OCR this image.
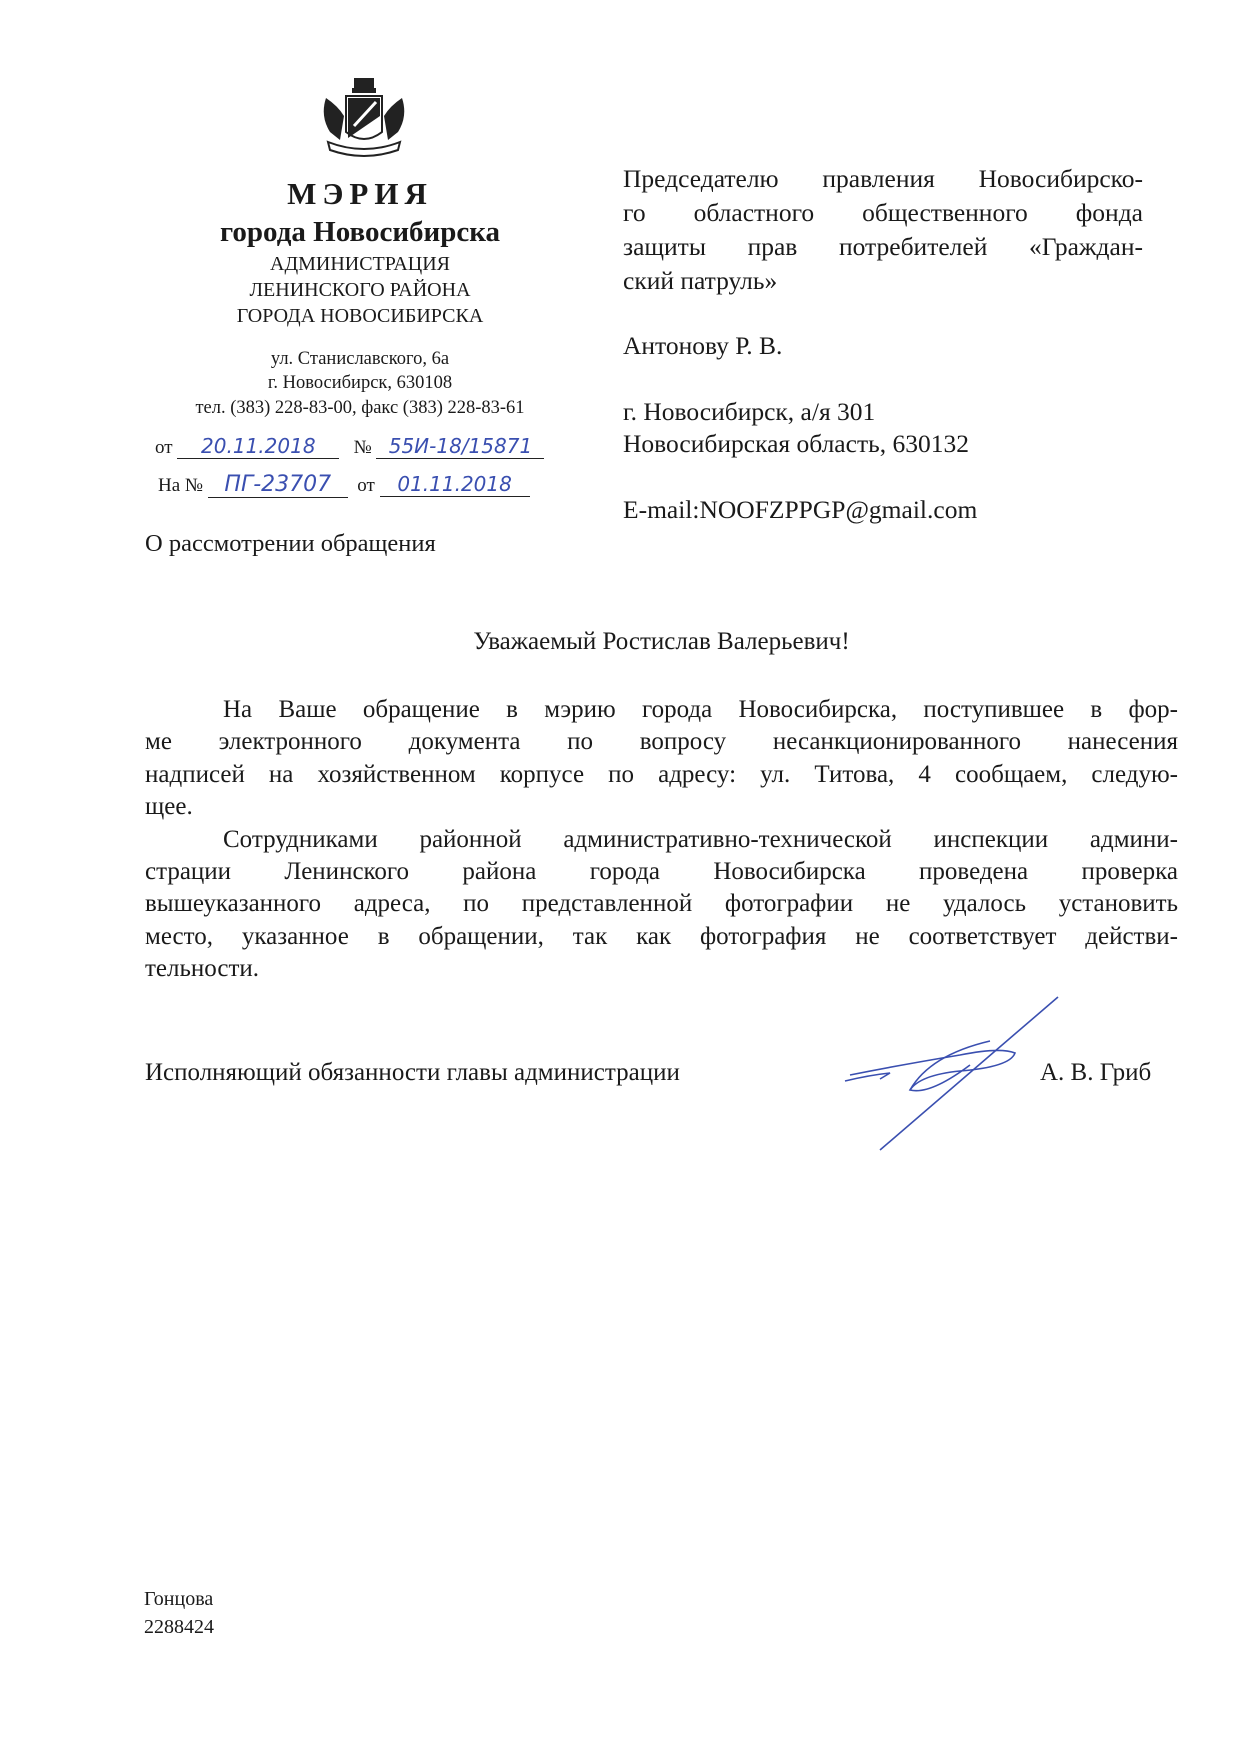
МЭРИЯ
города Новосибирска
АДМИНИСТРАЦИЯ
ЛЕНИНСКОГО РАЙОНА
ГОРОДА НОВОСИБИРСКА
ул. Станиславского, 6а
г. Новосибирск, 630108
тел. (383) 228-83-00, факс (383) 228-83-61
от 20.11.2018 № 55И-18/15871
На № ПГ-23707 от 01.11.2018
О рассмотрении обращения
Председателю правления Новосибирско-
го областного общественного фонда
защиты прав потребителей «Граждан-
ский патруль»
Антонову Р. В.
г. Новосибирск, а/я 301
Новосибирская область, 630132
E-mail:NOOFZPPGP@gmail.com
Уважаемый Ростислав Валерьевич!
На Ваше обращение в мэрию города Новосибирска, поступившее в фор-
ме электронного документа по вопросу несанкционированного нанесения
надписей на хозяйственном корпусе по адресу: ул. Титова, 4 сообщаем, следую-
щее.
Сотрудниками районной административно-технической инспекции админи-
страции Ленинского района города Новосибирска проведена проверка
вышеуказанного адреса, по представленной фотографии не удалось установить
место, указанное в обращении, так как фотография не соответствует действи-
тельности.
Исполняющий обязанности главы администрации	А. В. Гриб
Гонцова
2288424
